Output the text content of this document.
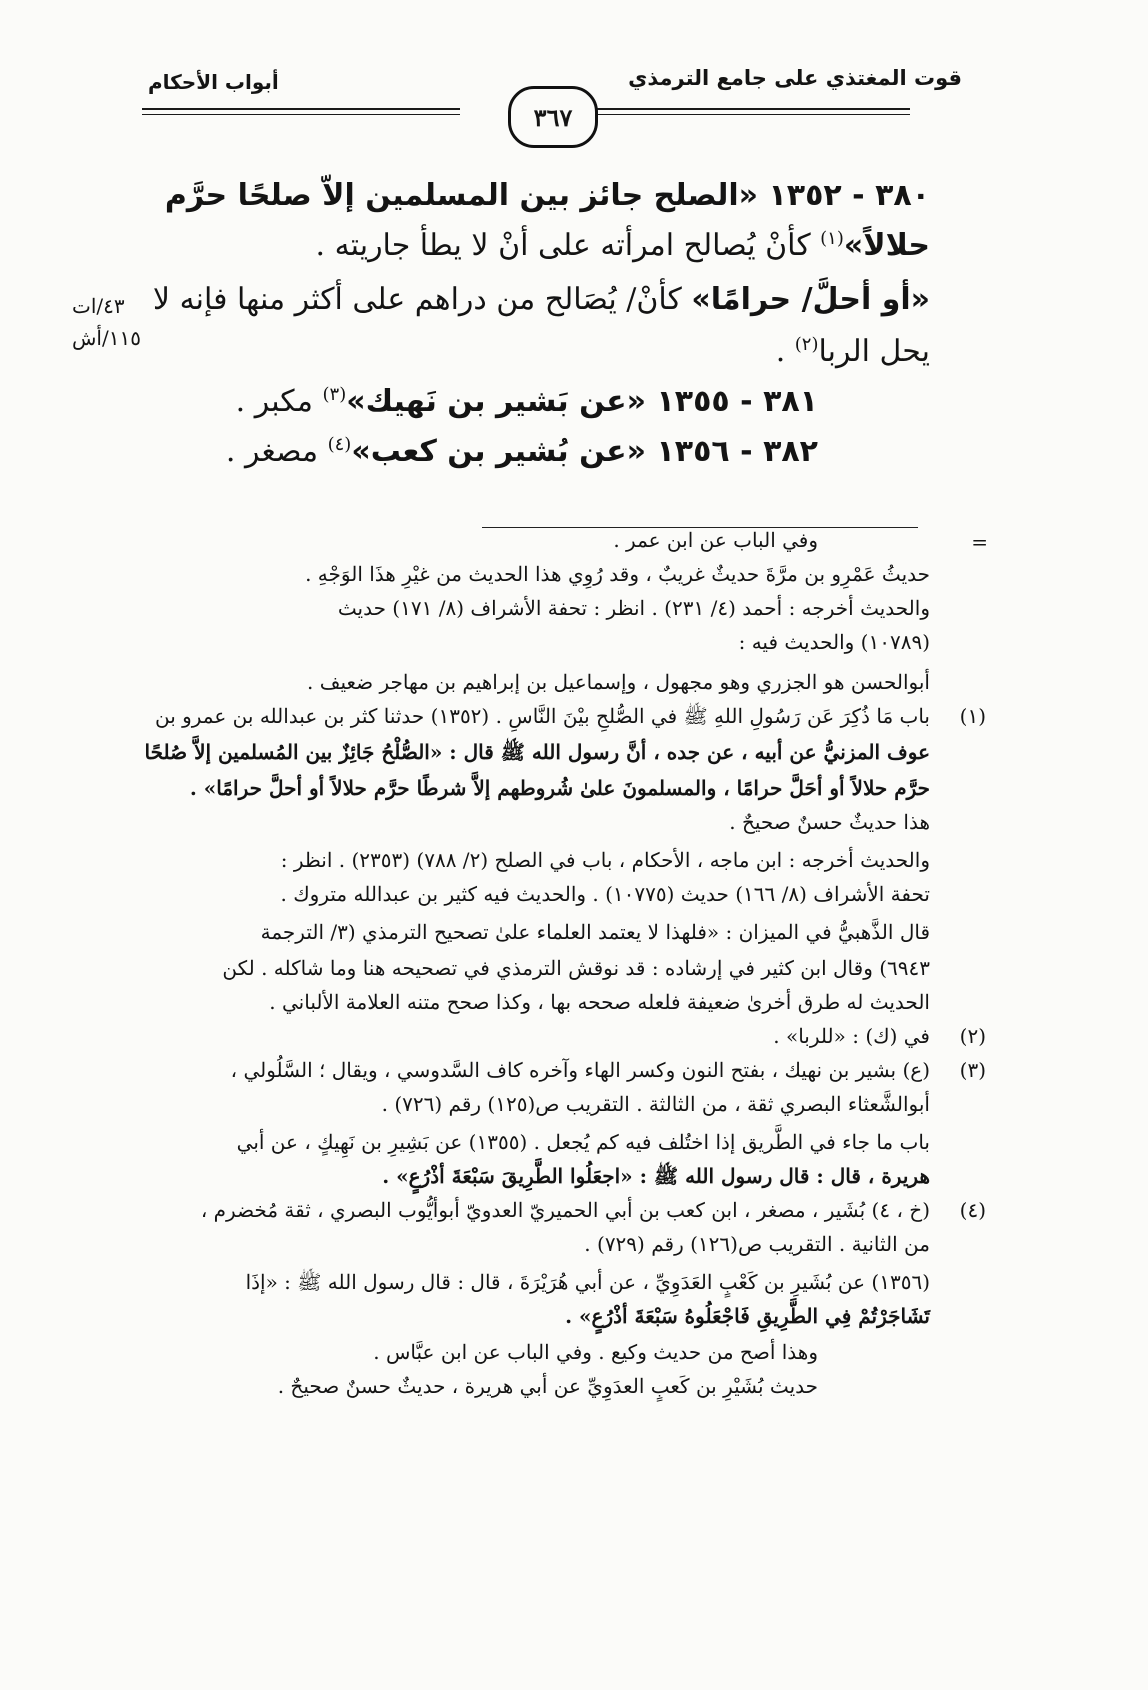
قوت المغتذي على جامع الترمذي
أبواب الأحكام
٣٦٧
٣٨٠ - ١٣٥٢ «الصلح جائز بين المسلمين إلاّ صلحًا حرَّم
حلالاً»$^{(١)}$ كأنْ يُصالح امرأته على أنْ لا يطأ جاريته .
«أو أحلَّ/ حرامًا» كأنْ/ يُصَالح من دراهم على أكثر منها فإنه لا
يحل الربا$^{(٢)}$ .
٣٨١ - ١٣٥٥ «عن بَشير بن نَهيك»$^{(٣)}$ مكبر .
٣٨٢ - ١٣٥٦ «عن بُشير بن كعب»$^{(٤)}$ مصغر .
٤٣/ات
١١٥/أش
=
وفي الباب عن ابن عمر .
حديثُ عَمْرِو بن مرَّةَ حديثٌ غريبٌ ، وقد رُوِي هذا الحديث من غيْرِ هذَا الوَجْهِ .
والحديث أخرجه : أحمد (٤/ ٢٣١) . انظر : تحفة الأشراف (٨/ ١٧١) حديث
(١٠٧٨٩) والحديث فيه :
أبوالحسن هو الجزري وهو مجهول ، وإسماعيل بن إبراهيم بن مهاجر ضعيف .
(١)
باب مَا ذُكِرَ عَن رَسُولِ اللهِ ﷺ في الصُّلحِ بيْنَ النَّاسِ . (١٣٥٢) حدثنا كثر بن عبدالله بن عمرو بن
عوف المزنيُّ عن أبيه ، عن جده ، أنَّ رسول الله ﷺ قال : «الصُّلْحُ جَائِزٌ بين المُسلمين إلاَّ صُلحًا
حرَّم حلالاً أو أحَلَّ حرامًا ، والمسلمونَ علىٰ شُروطهم إلاَّ شرطًا حرَّم حلالاً أو أحلَّ حرامًا» .
هذا حديثٌ حسنٌ صحيحٌ .
والحديث أخرجه : ابن ماجه ، الأحكام ، باب في الصلح (٢/ ٧٨٨) (٢٣٥٣) . انظر :
تحفة الأشراف (٨/ ١٦٦) حديث (١٠٧٧٥) . والحديث فيه كثير بن عبدالله متروك .
قال الذَّهبيُّ في الميزان : «فلهذا لا يعتمد العلماء علىٰ تصحيح الترمذي (٣/ الترجمة
٦٩٤٣) وقال ابن كثير في إرشاده : قد نوقش الترمذي في تصحيحه هنا وما شاكله . لكن
الحديث له طرق أخرىٰ ضعيفة فلعله صححه بها ، وكذا صحح متنه العلامة الألباني .
(٢)
في (ك) : «للربا» .
(٣)
(ع) بشير بن نهيك ، بفتح النون وكسر الهاء وآخره كاف السَّدوسي ، ويقال ؛ السَّلُولي ،
أبوالشَّعثاء البصري ثقة ، من الثالثة . التقريب ص(١٢٥) رقم (٧٢٦) .
باب ما جاء في الطَّريق إذا اختُلف فيه كم يُجعل . (١٣٥٥) عن بَشِيرِ بن نَهِيكٍ ، عن أبي
هريرة ، قال : قال رسول الله ﷺ : «اجعَلُوا الطَّرِيقَ سَبْعَةَ أذْرُعٍ» .
(٤)
(خ ، ٤) بُشَير ، مصغر ، ابن كعب بن أبي الحميريّ العدويّ أبوأيُّوب البصري ، ثقة مُخضرم ،
من الثانية . التقريب ص(١٢٦) رقم (٧٢٩) .
(١٣٥٦) عن بُشَيرِ بن كَعْبٍ العَدَوِيِّ ، عن أبي هُرَيْرَةَ ، قال : قال رسول الله ﷺ : «إذَا
تَشَاجَرْتُمْ فِي الطَّرِيقِ فَاجْعَلُوهُ سَبْعَةَ أذْرُعٍ» .
وهذا أصح من حديث وكيع . وفي الباب عن ابن عبَّاس .
حديث بُشَيْرِ بن كَعبٍ العدَوِيِّ عن أبي هريرة ، حديثٌ حسنٌ صحيحٌ .
